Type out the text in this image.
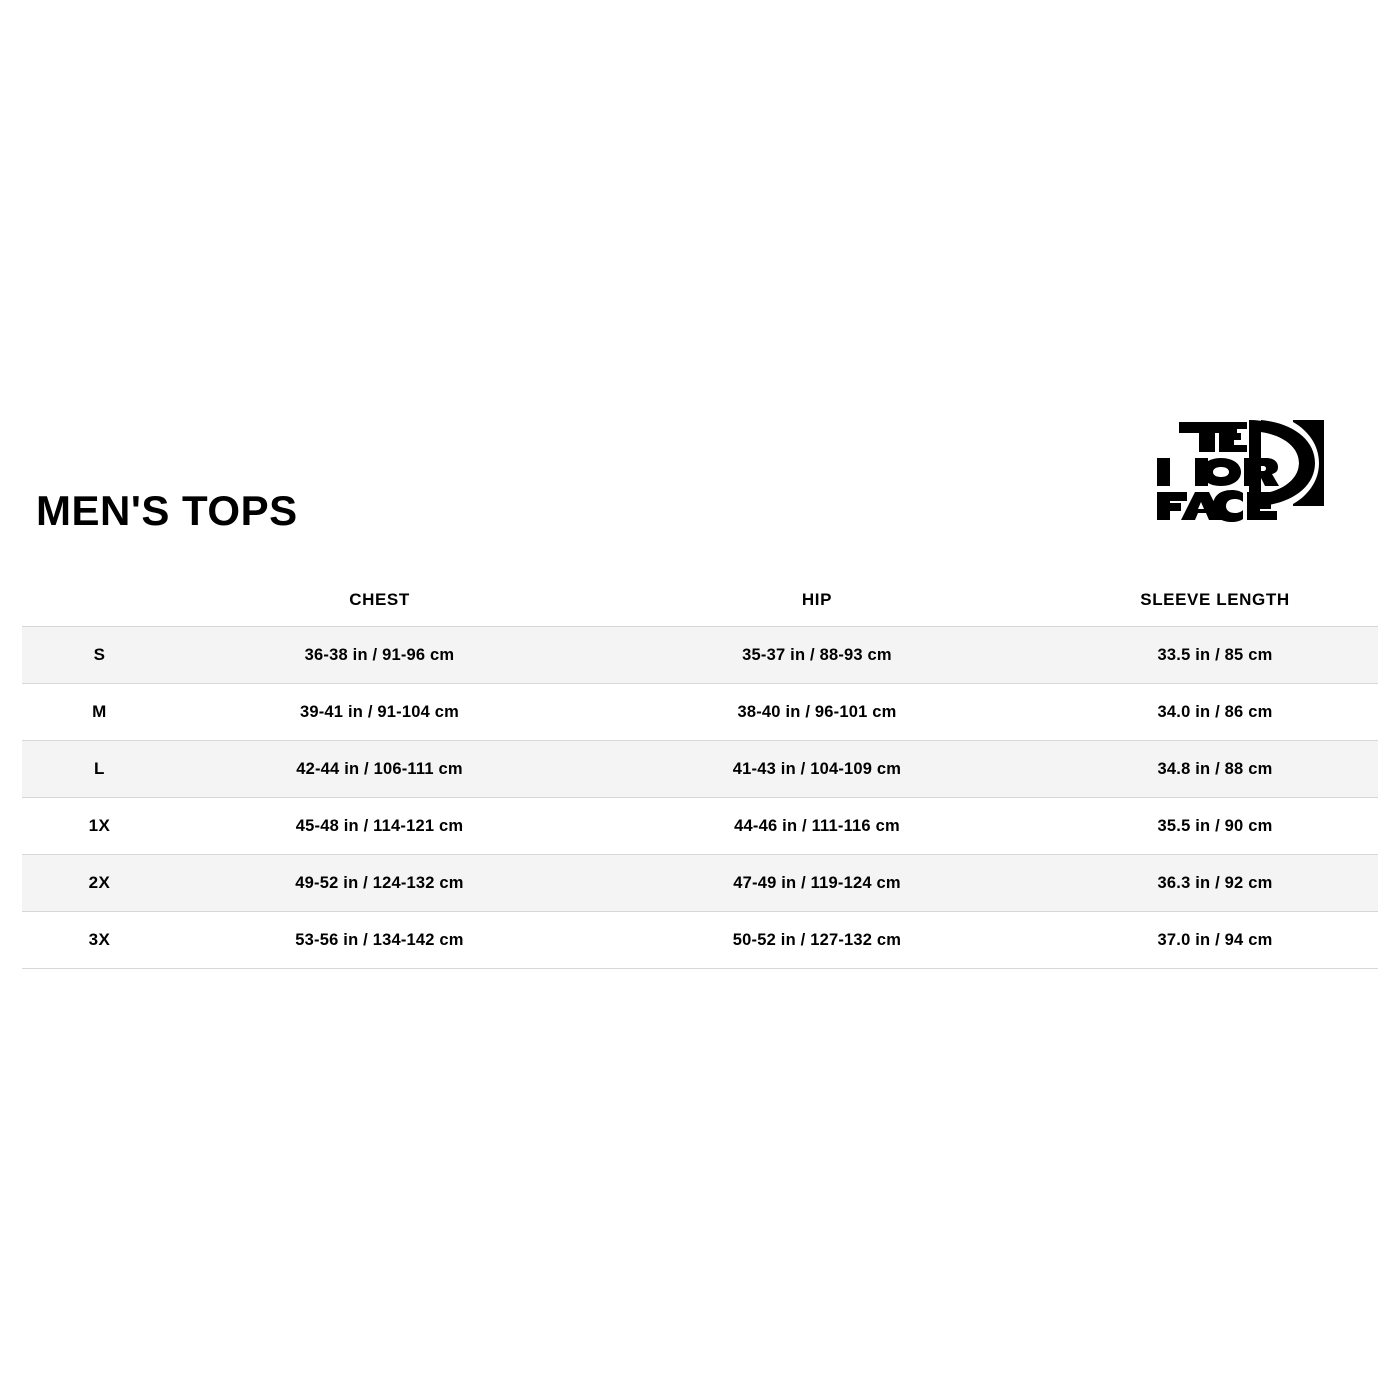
MEN'S TOPS
	CHEST	HIP	SLEEVE LENGTH
S	36-38 in / 91-96 cm	35-37 in / 88-93 cm	33.5 in / 85 cm
M	39-41 in / 91-104 cm	38-40 in / 96-101 cm	34.0 in / 86 cm
L	42-44 in / 106-111 cm	41-43 in / 104-109 cm	34.8 in / 88 cm
1X	45-48 in / 114-121 cm	44-46 in / 111-116 cm	35.5 in / 90 cm
2X	49-52 in / 124-132 cm	47-49 in / 119-124 cm	36.3 in / 92 cm
3X	53-56 in / 134-142 cm	50-52 in / 127-132 cm	37.0 in / 94 cm
